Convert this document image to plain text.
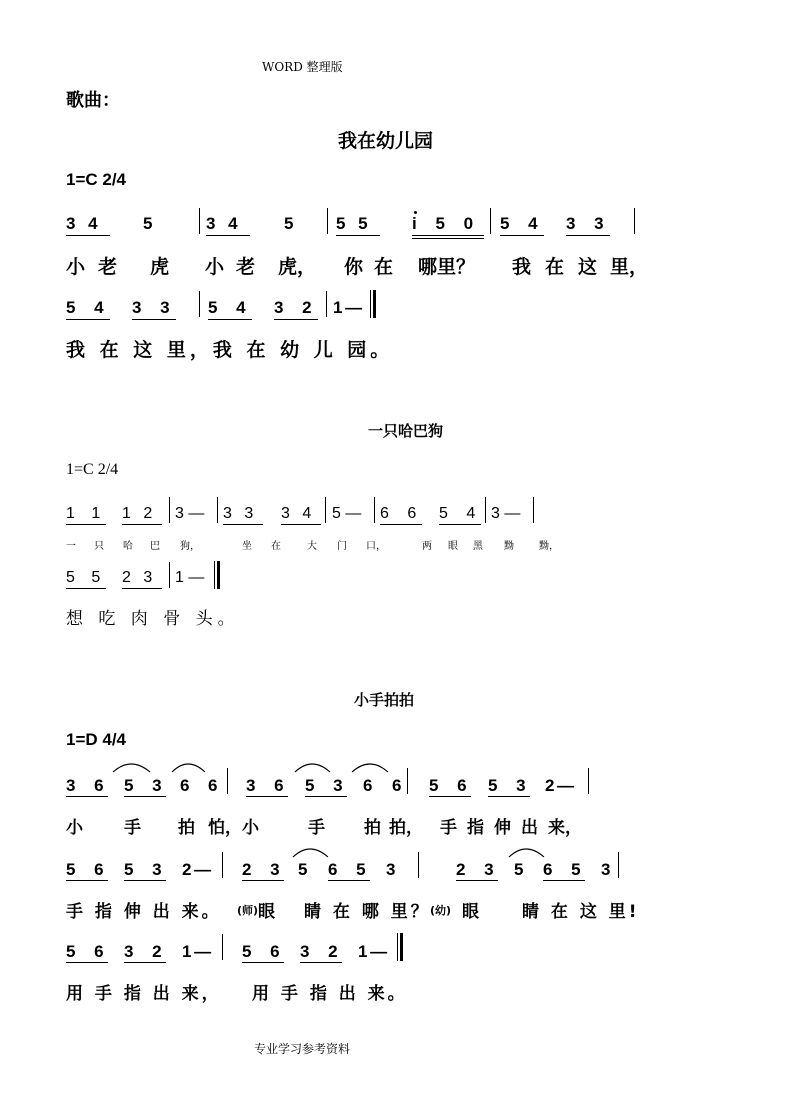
WORD 整理版
歌曲：
我在幼儿园
1=C 2/4
3 4	5	3 4	5	5 5	i 5 0 5 4 3 3
小 老 虎 小 老 虎， 你 在 哪里？ 我 在 这 里，
5 4 3 3 5 4 3 2 1 —
我 在 这 里，我 在 幼 儿 园。
一只哈巴狗
1=C 2/4
1 1 1 2 3 — 3 3 3 4 5 — 6 6 5 4 3 —
一 只 哈 巴 狗，	坐 在	大 门 口，	两 眼 黑 黝	黝，
5 5 2 3 1 —
想 吃 肉 骨 头。
小手拍拍
1=D 4/4
3 6 5 3 6 6 3 6 5 3 6 6 5 6 5 3 2 —
小 手 拍 怕，小	手 拍 拍， 手 指 伸 出 来，
5 6 5 3 2 — 2 3 5 6 5 3	2 3 5 6 5 3
手 指 伸 出 来。 (师) 眼 睛 在 哪 里？ (幼) 眼	睛 在 这 里!
5 6 3 2 1 — 5 6 3 2 1 —
用 手 指 出 来， 用 手 指 出 来。
专业学习参考资料
